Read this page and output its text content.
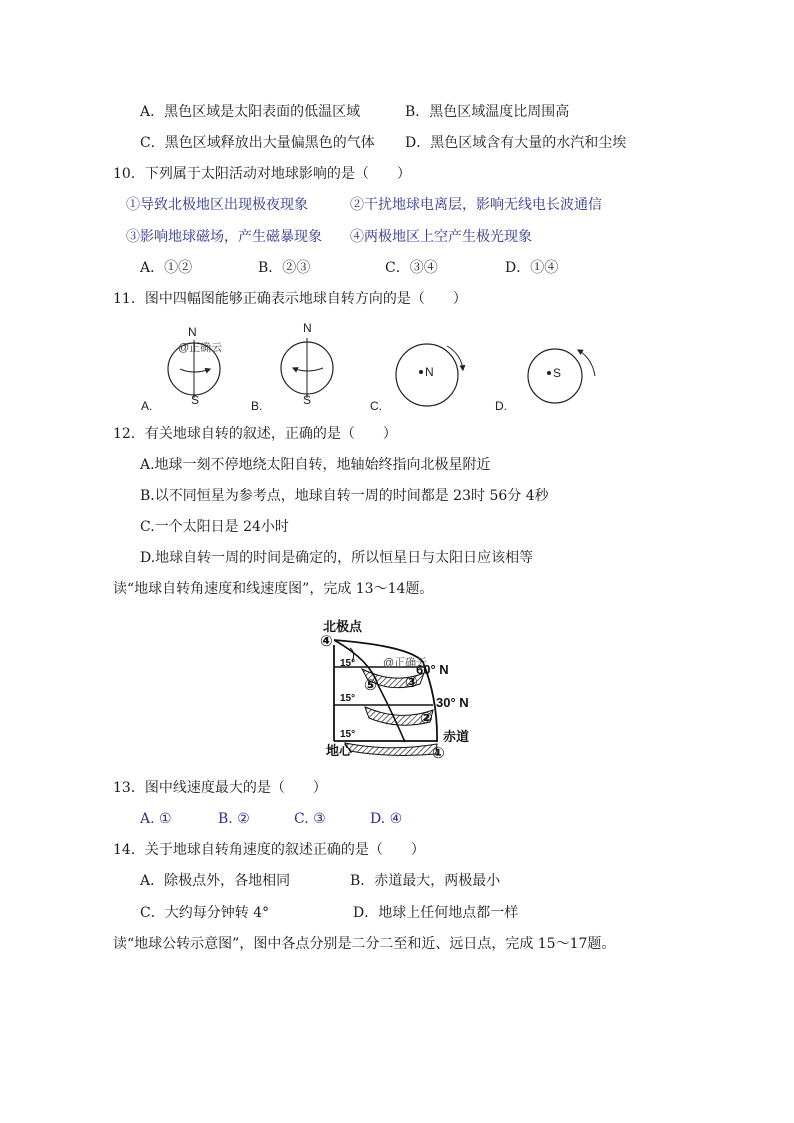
A．黑色区域是太阳表面的低温区域	B．黑色区域温度比周围高
C．黑色区域释放出大量偏黑色的气体 D．黑色区域含有大量的水汽和尘埃
10．下列属于太阳活动对地球影响的是（　　）
①导致北极地区出现极夜现象	②干扰地球电离层，影响无线电长波通信
③影响地球磁场，产生磁暴现象 ④两极地区上空产生极光现象
A．①②	B．②③	C．③④	D．①④
11．图中四幅图能够正确表示地球自转方向的是（　　）
N
@正确云
S
A.
N
S
B.
N
C.
S
D.
12．有关地球自转的叙述，正确的是（　　）
A.地球一刻不停地绕太阳自转，地轴始终指向北极星附近
B.以不同恒星为参考点，地球自转一周的时间都是 23时 56分 4秒
C.一个太阳日是 24小时
D.地球自转一周的时间是确定的，所以恒星日与太阳日应该相等
读“地球自转角速度和线速度图”，完成 13～14题。
北极点
15°
15°
15°
④
⑤ ③
②
①
60° N
30° N
赤道
地心
@正确云
13．图中线速度最大的是（　　）
A. ①	B. ②	C. ③	D. ④
14．关于地球自转角速度的叙述正确的是（　　）
A．除极点外，各地相同	B．赤道最大，两极最小
C．大约每分钟转 4°	D．地球上任何地点都一样
读“地球公转示意图”，图中各点分别是二分二至和近、远日点，完成 15～17题。
